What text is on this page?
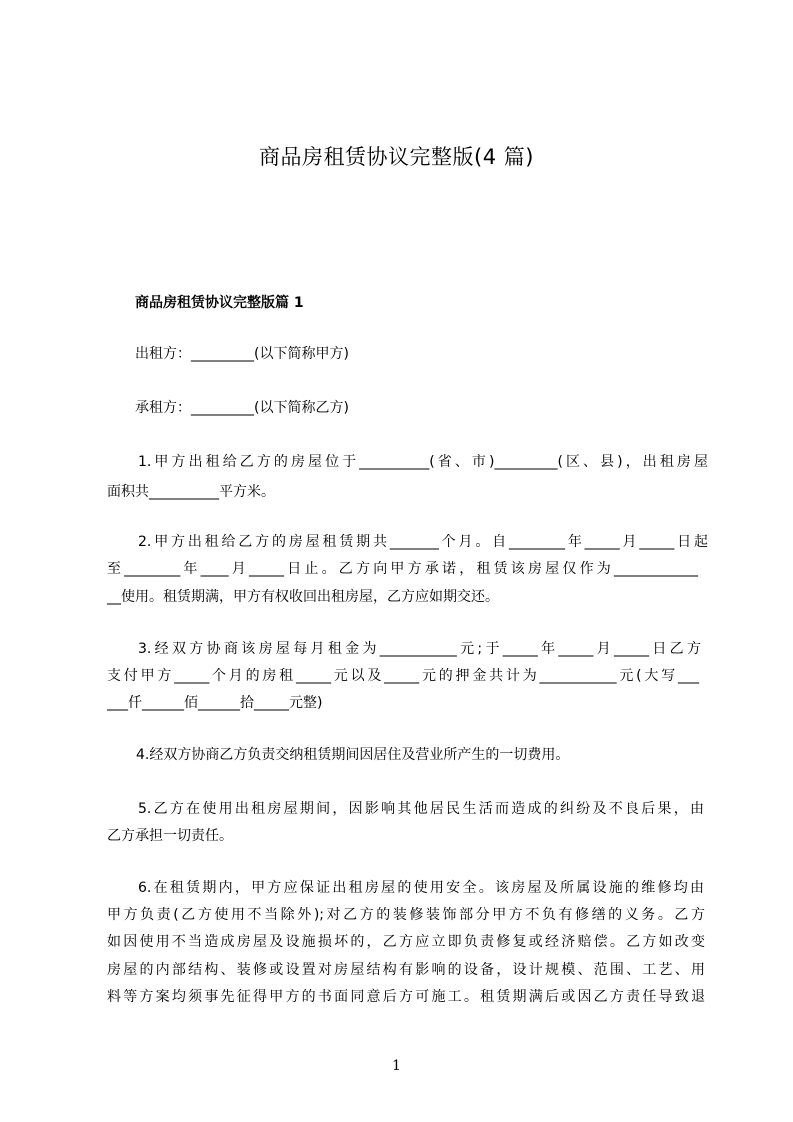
商品房租赁协议完整版(4 篇)
商品房租赁协议完整版篇 1
出租方：_________(以下简称甲方)
承租方：_________(以下简称乙方)
1.甲方出租给乙方的房屋位于__________(省、市)_________(区、县)，出租房屋
面积共__________平方米。
2.甲方出租给乙方的房屋租赁期共_______个月。自________年_____月_____日起
至________年____月_____日止。乙方向甲方承诺，租赁该房屋仅作为____________
__使用。租赁期满，甲方有权收回出租房屋，乙方应如期交还。
3.经双方协商该房屋每月租金为___________元;于_____年_____月_____日乙方
支付甲方_____个月的房租_____元以及_____元的押金共计为___________元(大写___
___仟______佰______拾_____元整)
4.经双方协商乙方负责交纳租赁期间因居住及营业所产生的一切费用。
5.乙方在使用出租房屋期间，因影响其他居民生活而造成的纠纷及不良后果，由
乙方承担一切责任。
6.在租赁期内，甲方应保证出租房屋的使用安全。该房屋及所属设施的维修均由
甲方负责(乙方使用不当除外);对乙方的装修装饰部分甲方不负有修缮的义务。乙方
如因使用不当造成房屋及设施损坏的，乙方应立即负责修复或经济赔偿。乙方如改变
房屋的内部结构、装修或设置对房屋结构有影响的设备，设计规模、范围、工艺、用
料等方案均须事先征得甲方的书面同意后方可施工。租赁期满后或因乙方责任导致退
1
